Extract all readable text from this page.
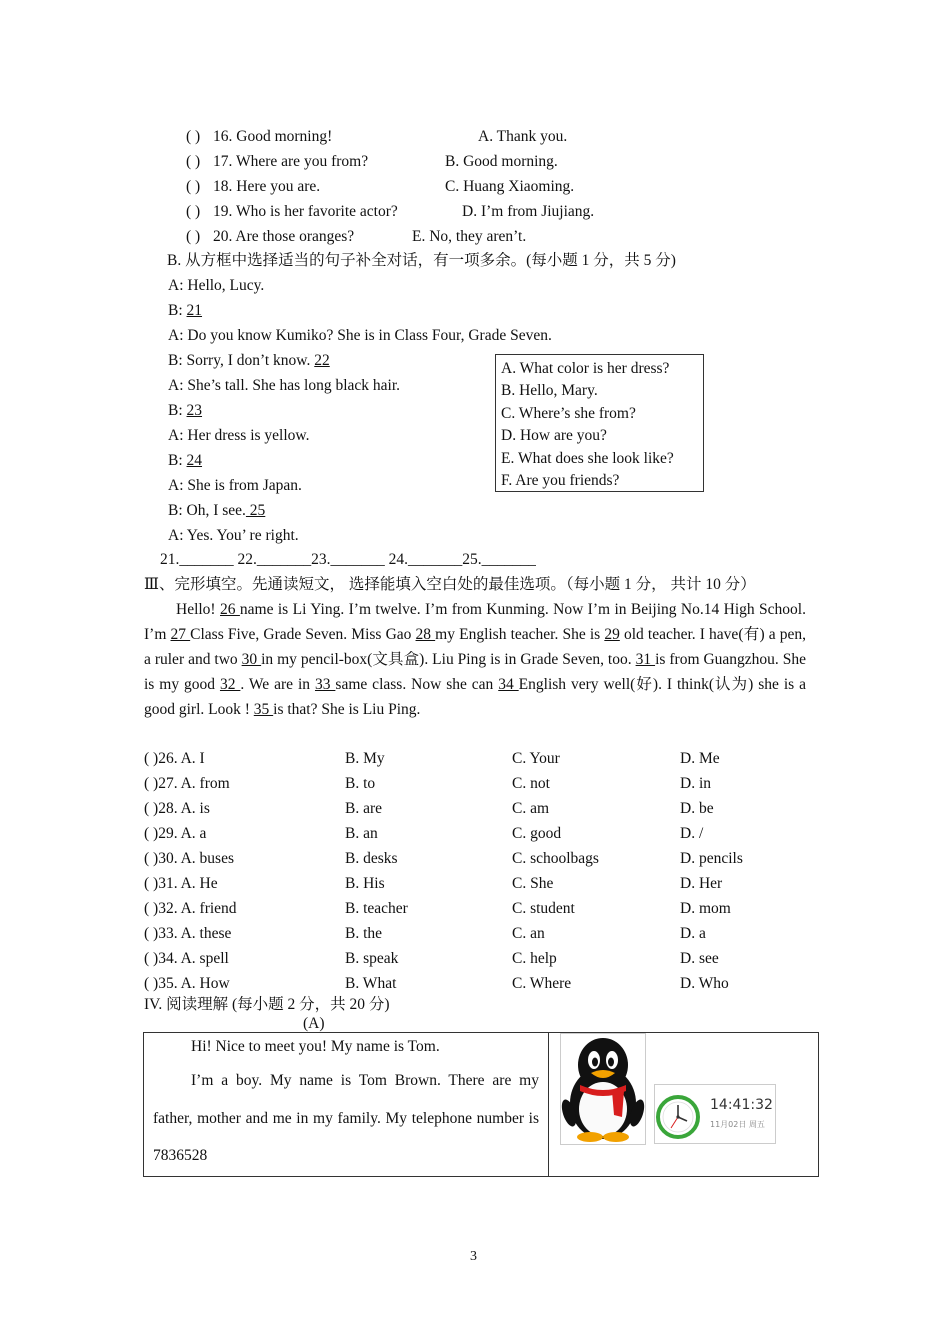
( ) 16. Good morning!	A. Thank you.
( ) 17. Where are you from?	B. Good morning.
( ) 18. Here you are.	C. Huang Xiaoming.
( ) 19. Who is her favorite actor?	D. I’m from Jiujiang.
( ) 20. Are those oranges?	E. No, they aren’t.
B. 从方框中选择适当的句子补全对话，有一项多余。(每小题 1 分，共 5 分)
A: Hello, Lucy.
B: 21
A: Do you know Kumiko? She is in Class Four, Grade Seven.
B: Sorry, I don’t know. 22
A: She’s tall. She has long black hair.
B: 23
A: Her dress is yellow.
B: 24
A: She is from Japan.
B: Oh, I see. 25
A: Yes. You’ re right.
A. What color is her dress?
B. Hello, Mary.
C. Where’s she from?
D. How are you?
E. What does she look like?
F. Are you friends?
21._______ 22._______23._______ 24._______25._______
Ⅲ、完形填空。先通读短文， 选择能填入空白处的最佳选项。（每小题 1 分， 共计 10 分）
Hello! 26 name is Li Ying. I’m twelve. I’m from Kunming. Now I’m in Beijing No.14 High School. I’m 27 Class Five, Grade Seven. Miss Gao 28 my English teacher. She is 29 old teacher. I have(有) a pen, a ruler and two 30 in my pencil-box(文具盒). Liu Ping is in Grade Seven, too. 31 is from Guangzhou. She is my good 32 . We are in 33 same class. Now she can 34 English very well(好). I think(认为) she is a good girl. Look ! 35 is that? She is Liu Ping.
( )26. A. I	B. My	C. Your	D. Me
( )27. A. from	B. to	C. not	D. in
( )28. A. is	B. are	C. am	D. be
( )29. A. a	B. an	C. good	D. /
( )30. A. buses	B. desks	C. schoolbags	D. pencils
( )31. A. He	B. His	C. She	D. Her
( )32. A. friend	B. teacher	C. student	D. mom
( )33. A. these	B. the	C. an	D. a
( )34. A. spell	B. speak	C. help	D. see
( )35. A. How	B. What	C. Where	D. Who
IV. 阅读理解 (每小题 2 分，共 20 分)
(A)
Hi! Nice to meet you! My name is Tom.
I’m a boy. My name is Tom Brown. There are my father, mother and me in my family. My telephone number is 7836528
14:41:32
11月02日 周五
3
